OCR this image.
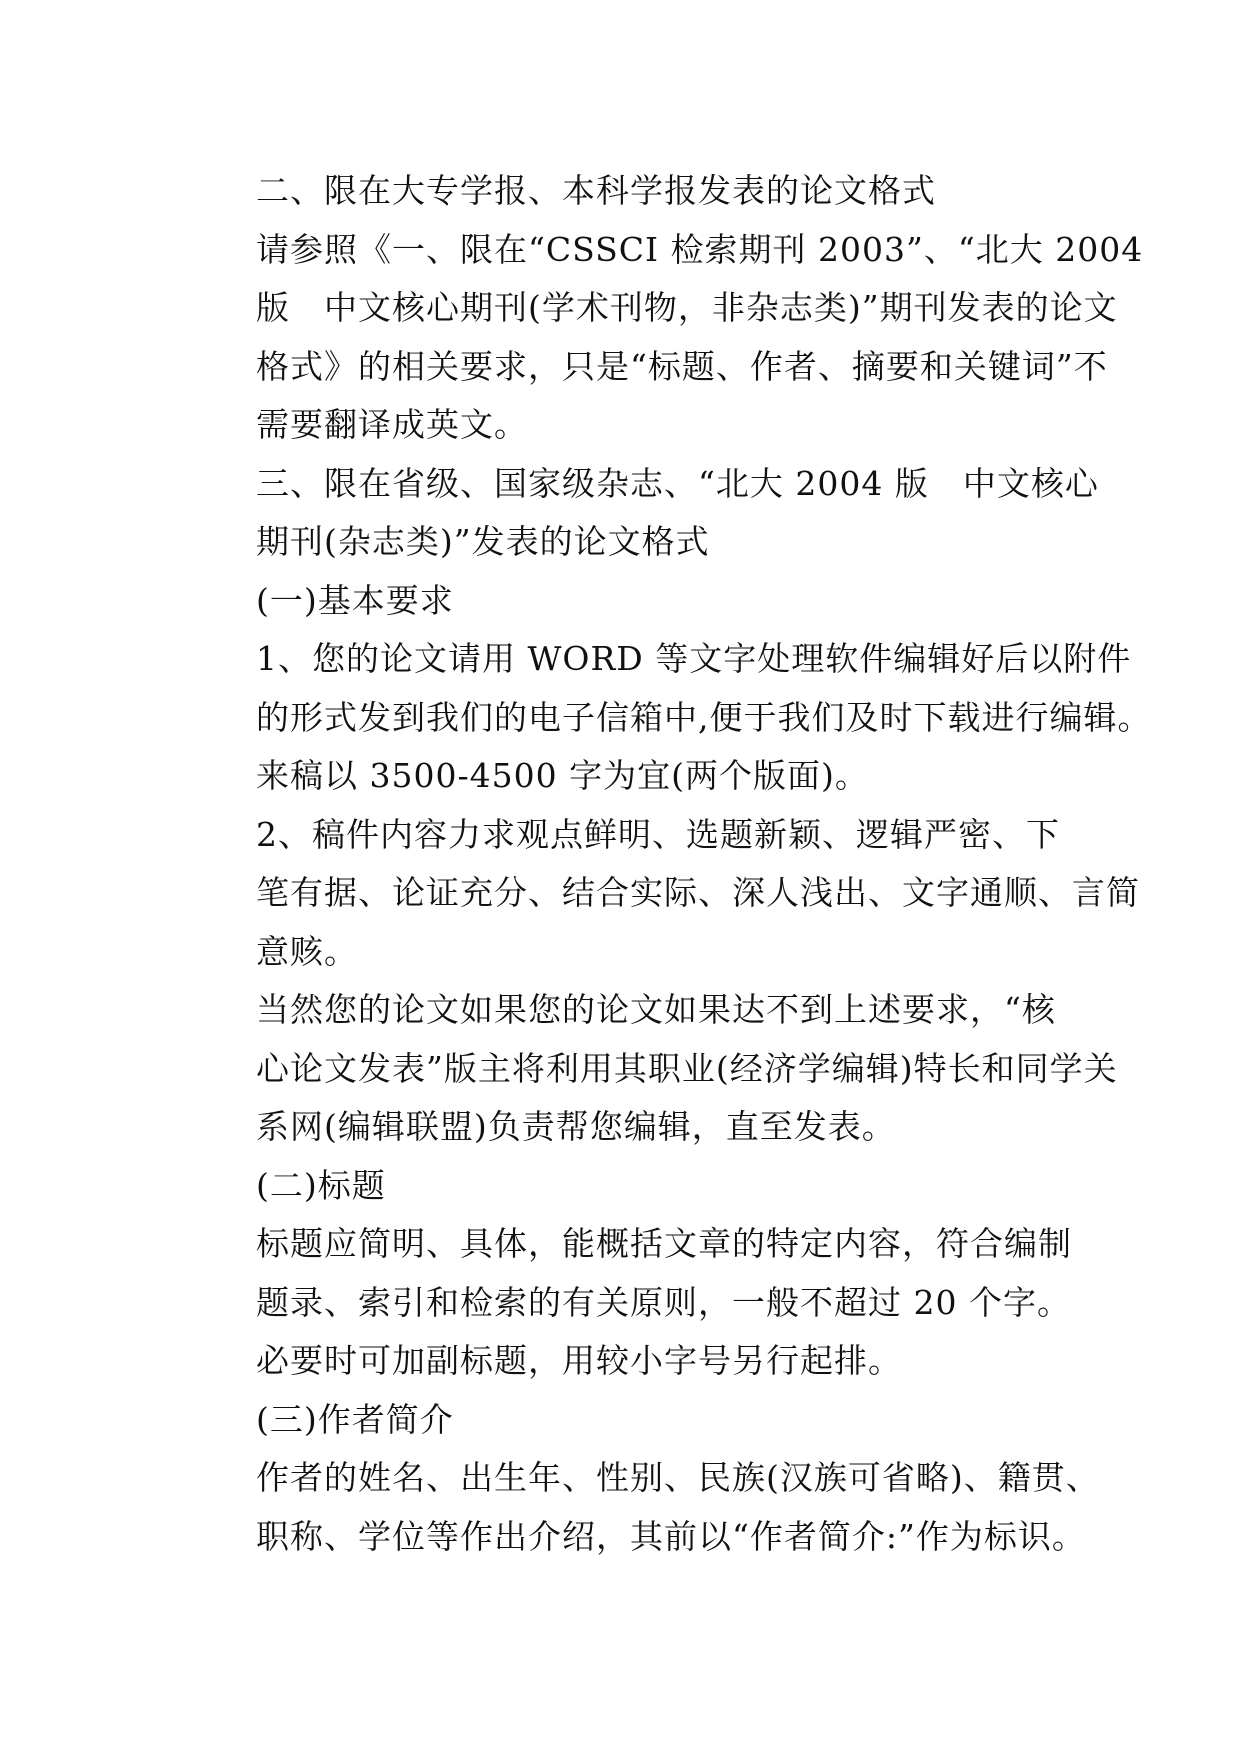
二、限在大专学报、本科学报发表的论文格式

请参照《一、限在“CSSCI 检索期刊 2003”、“北大 2004
版　中文核心期刊(学术刊物，非杂志类)”期刊发表的论文
格式》的相关要求，只是“标题、作者、摘要和关键词”不
需要翻译成英文。

三、限在省级、国家级杂志、“北大 2004 版　中文核心
期刊(杂志类)”发表的论文格式

(一)基本要求

1、您的论文请用 WORD 等文字处理软件编辑好后以附件
的形式发到我们的电子信箱中,便于我们及时下载进行编辑。

来稿以 3500-4500 字为宜(两个版面)。

2、稿件内容力求观点鲜明、选题新颖、逻辑严密、下
笔有据、论证充分、结合实际、深人浅出、文字通顺、言简
意赅。

当然您的论文如果您的论文如果达不到上述要求，“核
心论文发表”版主将利用其职业(经济学编辑)特长和同学关
系网(编辑联盟)负责帮您编辑，直至发表。

(二)标题

标题应简明、具体，能概括文章的特定内容，符合编制
题录、索引和检索的有关原则，一般不超过 20 个字。

必要时可加副标题，用较小字号另行起排。

(三)作者简介

作者的姓名、出生年、性别、民族(汉族可省略)、籍贯、
职称、学位等作出介绍，其前以“作者简介:”作为标识。
